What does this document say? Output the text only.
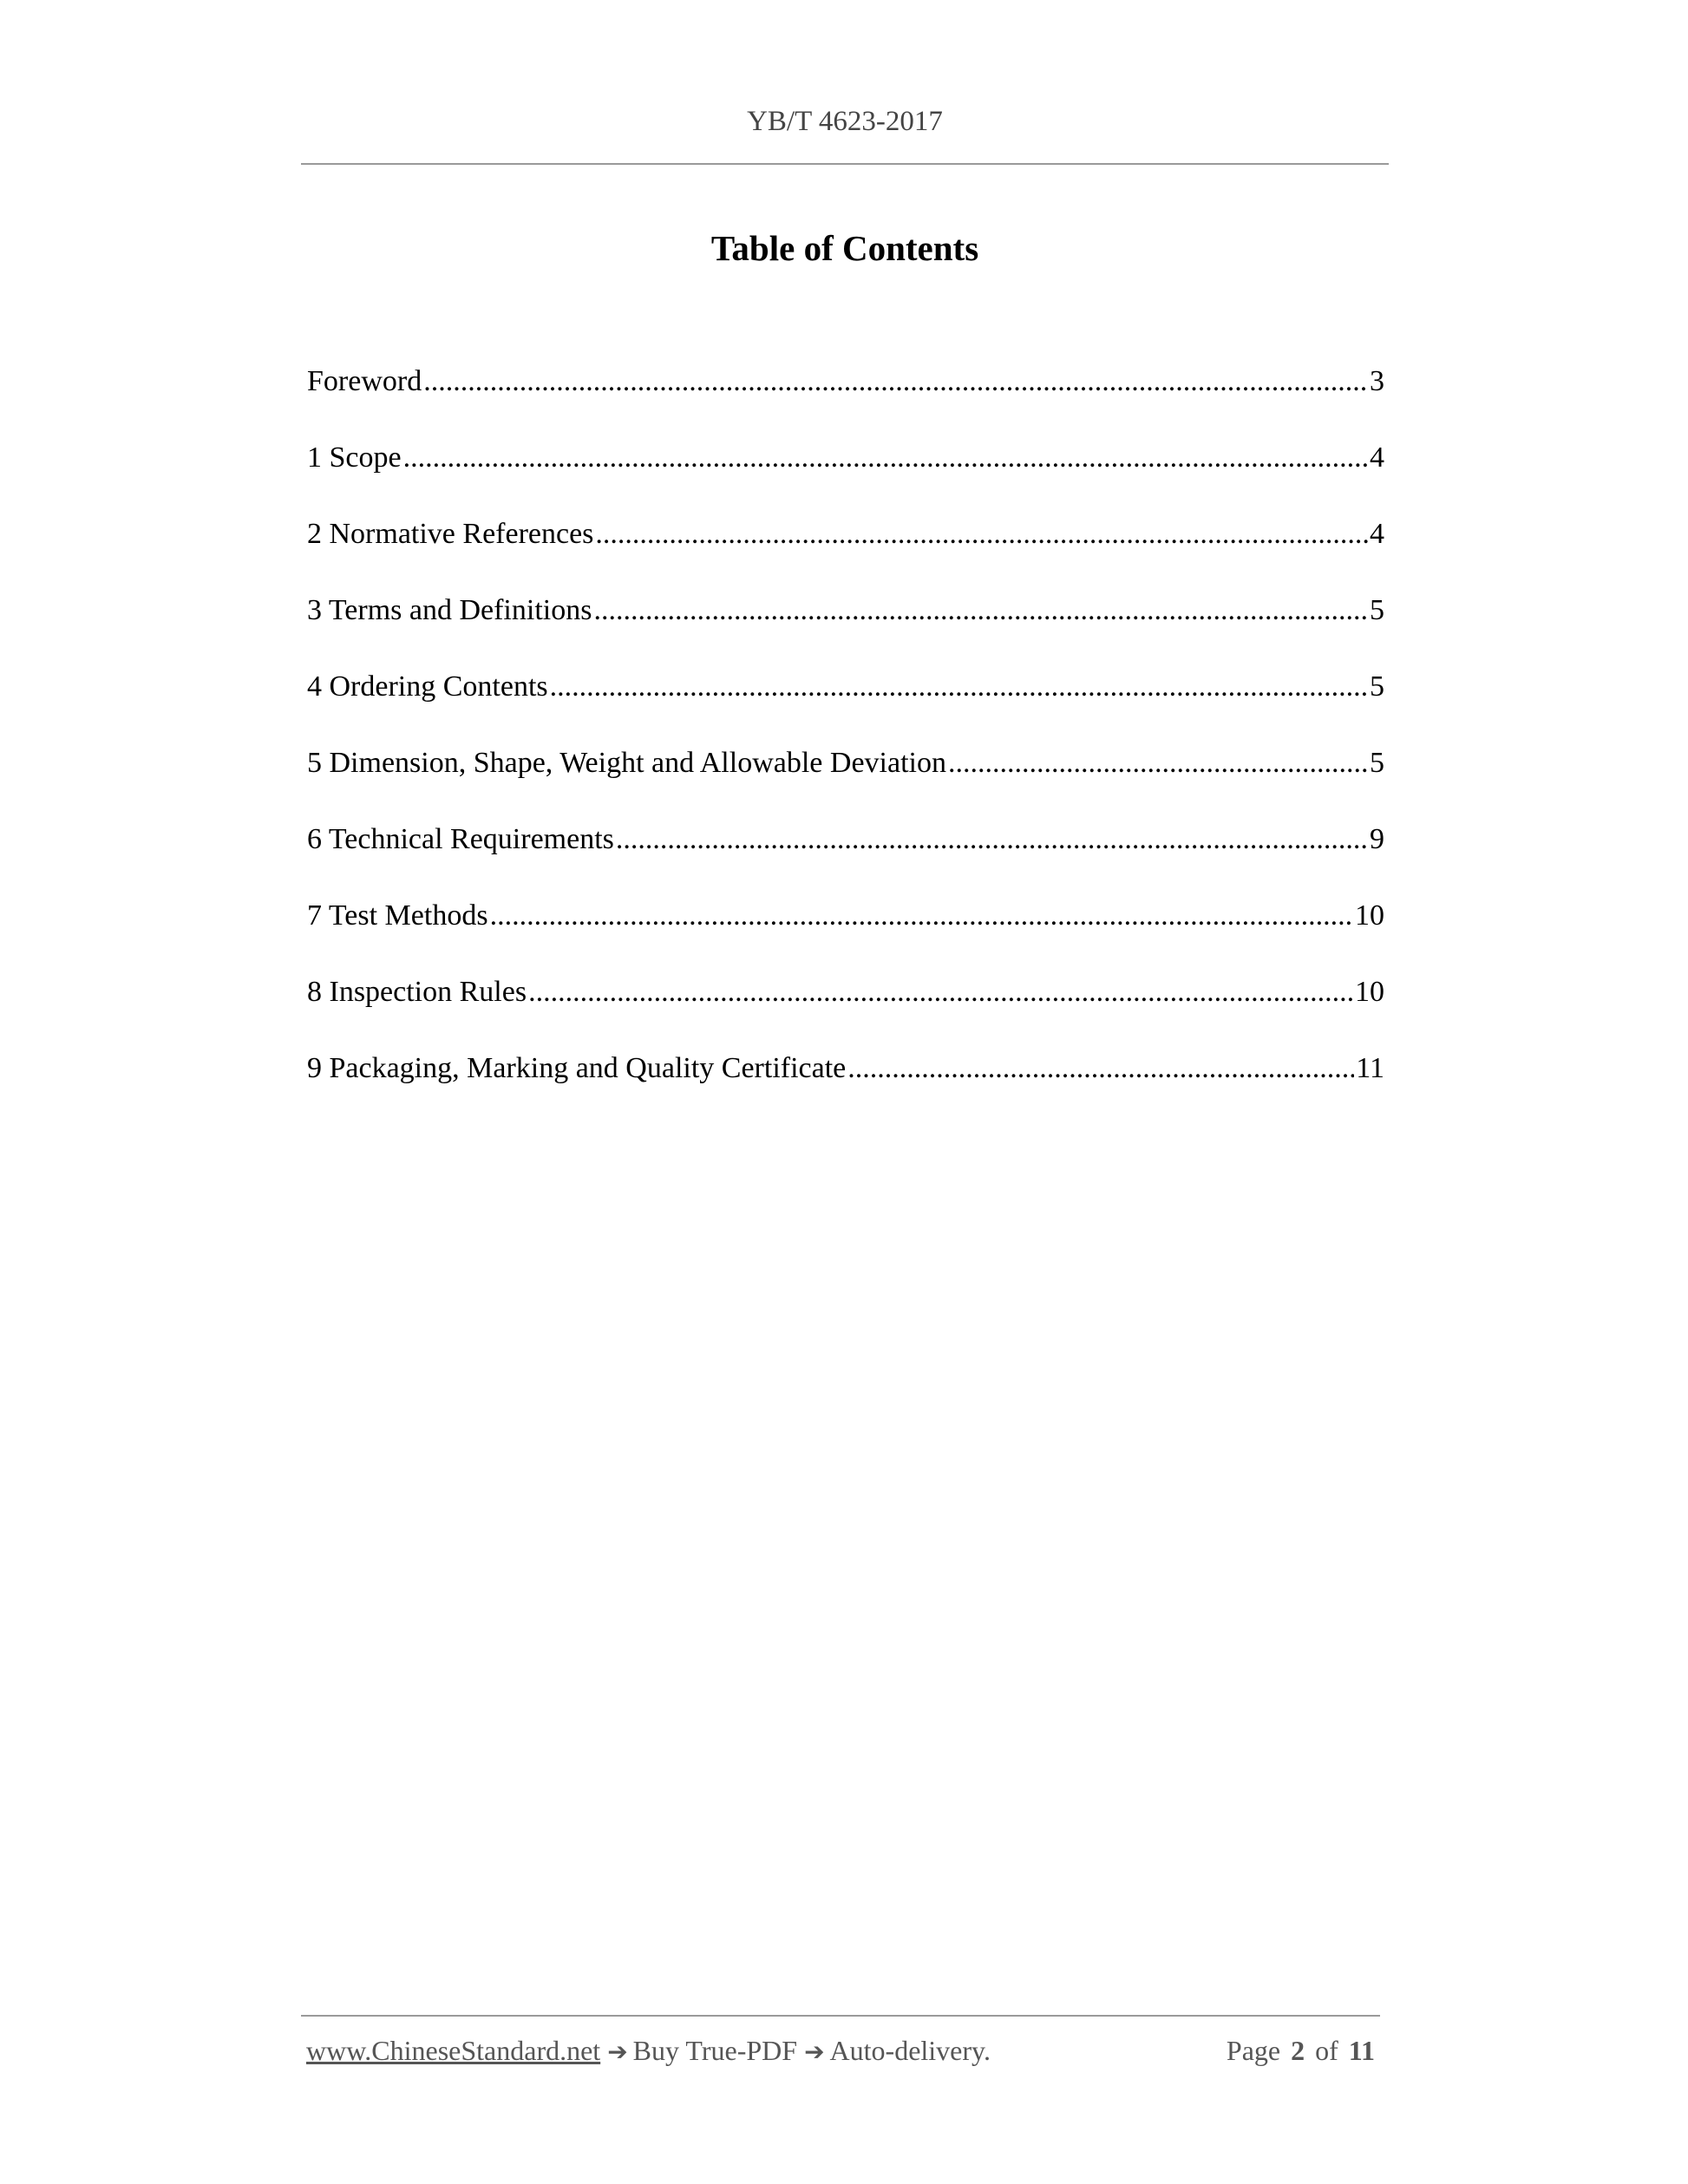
YB/T 4623-2017
Table of Contents
Foreword .....	3
1 Scope .....	4
2 Normative References .....	4
3 Terms and Definitions .....	5
4 Ordering Contents .....	5
5 Dimension, Shape, Weight and Allowable Deviation .....	5
6 Technical Requirements .....	9
7 Test Methods .....	10
8 Inspection Rules .....	10
9 Packaging, Marking and Quality Certificate .....	11
www.ChineseStandard.net ➔ Buy True-PDF ➔ Auto-delivery.	Page 2 of 11
